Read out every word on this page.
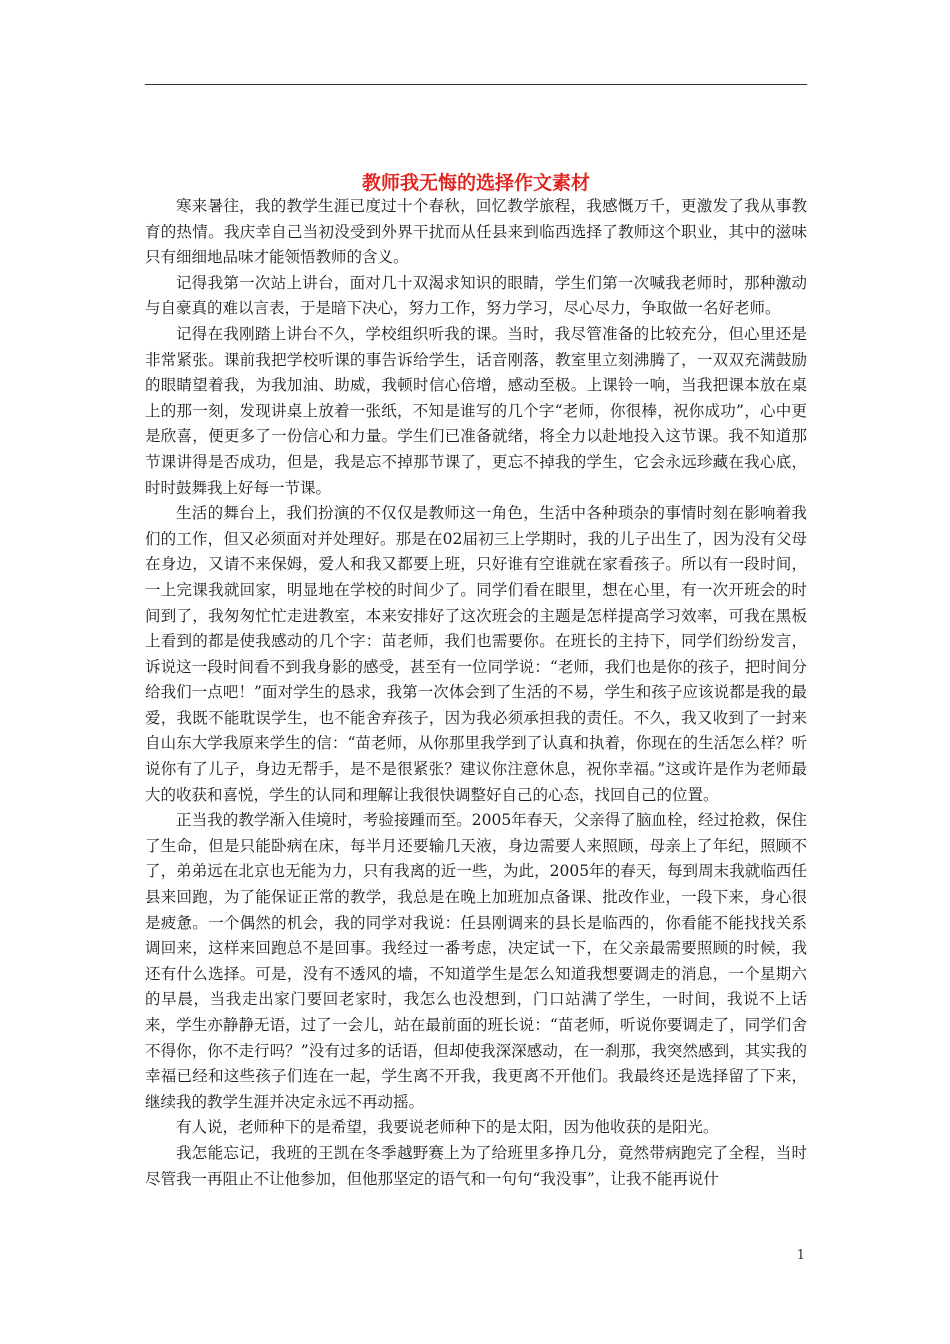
教师我无悔的选择作文素材

寒来暑往，我的教学生涯已度过十个春秋，回忆教学旅程，我感慨万千，更激发了我从事教育的热情。我庆幸自己当初没受到外界干扰而从任县来到临西选择了教师这个职业，其中的滋味只有细细地品味才能领悟教师的含义。

记得我第一次站上讲台，面对几十双渴求知识的眼睛，学生们第一次喊我老师时，那种激动与自豪真的难以言表，于是暗下决心，努力工作，努力学习，尽心尽力，争取做一名好老师。

记得在我刚踏上讲台不久，学校组织听我的课。当时，我尽管准备的比较充分，但心里还是非常紧张。课前我把学校听课的事告诉给学生，话音刚落，教室里立刻沸腾了，一双双充满鼓励的眼睛望着我，为我加油、助威，我顿时信心倍增，感动至极。上课铃一响，当我把课本放在桌上的那一刻，发现讲桌上放着一张纸，不知是谁写的几个字“老师，你很棒，祝你成功”，心中更是欣喜，便更多了一份信心和力量。学生们已准备就绪，将全力以赴地投入这节课。我不知道那节课讲得是否成功，但是，我是忘不掉那节课了，更忘不掉我的学生，它会永远珍藏在我心底，时时鼓舞我上好每一节课。

生活的舞台上，我们扮演的不仅仅是教师这一角色，生活中各种琐杂的事情时刻在影响着我们的工作，但又必须面对并处理好。那是在02届初三上学期时，我的儿子出生了，因为没有父母在身边，又请不来保姆，爱人和我又都要上班，只好谁有空谁就在家看孩子。所以有一段时间，一上完课我就回家，明显地在学校的时间少了。同学们看在眼里，想在心里，有一次开班会的时间到了，我匆匆忙忙走进教室，本来安排好了这次班会的主题是怎样提高学习效率，可我在黑板上看到的都是使我感动的几个字：苗老师，我们也需要你。在班长的主持下，同学们纷纷发言，诉说这一段时间看不到我身影的感受，甚至有一位同学说：“老师，我们也是你的孩子，把时间分给我们一点吧！”面对学生的恳求，我第一次体会到了生活的不易，学生和孩子应该说都是我的最爱，我既不能耽误学生，也不能舍弃孩子，因为我必须承担我的责任。不久，我又收到了一封来自山东大学我原来学生的信：“苗老师，从你那里我学到了认真和执着，你现在的生活怎么样？听说你有了儿子，身边无帮手，是不是很紧张？建议你注意休息，祝你幸福。”这或许是作为老师最大的收获和喜悦，学生的认同和理解让我很快调整好自己的心态，找回自己的位置。

正当我的教学渐入佳境时，考验接踵而至。2005年春天，父亲得了脑血栓，经过抢救，保住了生命，但是只能卧病在床，每半月还要输几天液，身边需要人来照顾，母亲上了年纪，照顾不了，弟弟远在北京也无能为力，只有我离的近一些，为此，2005年的春天，每到周末我就临西任县来回跑，为了能保证正常的教学，我总是在晚上加班加点备课、批改作业，一段下来，身心很是疲惫。一个偶然的机会，我的同学对我说：任县刚调来的县长是临西的，你看能不能找找关系调回来，这样来回跑总不是回事。我经过一番考虑，决定试一下，在父亲最需要照顾的时候，我还有什么选择。可是，没有不透风的墙，不知道学生是怎么知道我想要调走的消息，一个星期六的早晨，当我走出家门要回老家时，我怎么也没想到，门口站满了学生，一时间，我说不上话来，学生亦静静无语，过了一会儿，站在最前面的班长说：“苗老师，听说你要调走了，同学们舍不得你，你不走行吗？”没有过多的话语，但却使我深深感动，在一刹那，我突然感到，其实我的幸福已经和这些孩子们连在一起，学生离不开我，我更离不开他们。我最终还是选择留了下来，继续我的教学生涯并决定永远不再动摇。

有人说，老师种下的是希望，我要说老师种下的是太阳，因为他收获的是阳光。

我怎能忘记，我班的王凯在冬季越野赛上为了给班里多挣几分，竟然带病跑完了全程，当时尽管我一再阻止不让他参加，但他那坚定的语气和一句句“我没事”，让我不能再说什

1
